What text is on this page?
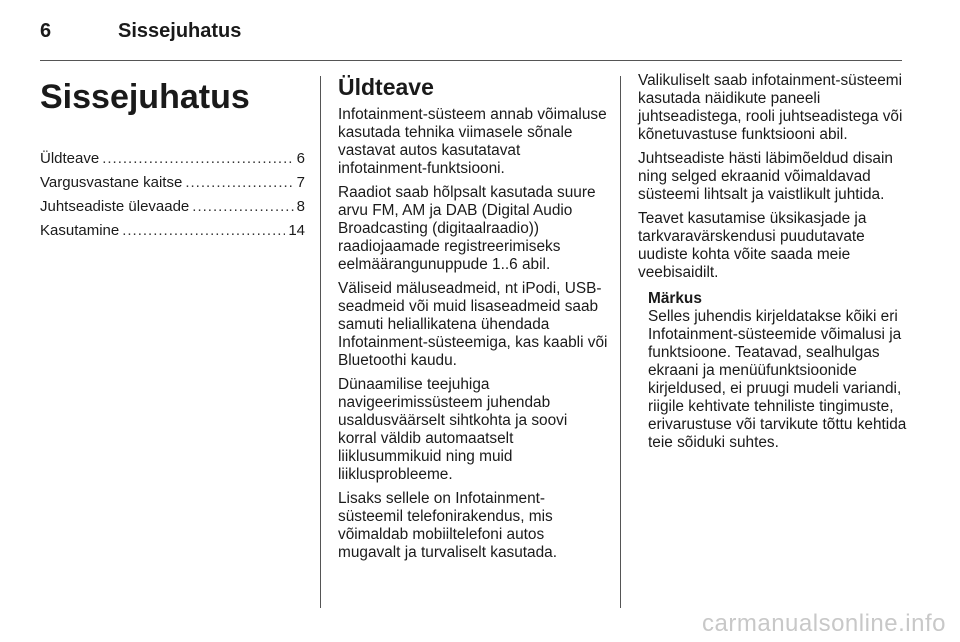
6	Sissejuhatus
Sissejuhatus
Üldteave .....	6
Vargusvastane kaitse .....	7
Juhtseadiste ülevaade .....	8
Kasutamine .....	14
Üldteave

Infotainment-süsteem annab võimaluse kasutada tehnika viimasele sõnale vastavat autos kasutatavat infotainment-funktsiooni.

Raadiot saab hõlpsalt kasutada suure arvu FM, AM ja DAB (Digital Audio Broadcasting (digitaalraadio)) raadiojaamade registreerimiseks eelmäärangunuppude 1..6 abil.

Väliseid mäluseadmeid, nt iPodi, USB-seadmeid või muid lisaseadmeid saab samuti heliallikatena ühendada Infotainment-süsteemiga, kas kaabli või Bluetoothi kaudu.

Dünaamilise teejuhiga navigeerimissüsteem juhendab usaldusväärselt sihtkohta ja soovi korral väldib automaatselt liiklusummikuid ning muid liiklusprobleeme.

Lisaks sellele on Infotainment-süsteemil telefonirakendus, mis võimaldab mobiiltelefoni autos mugavalt ja turvaliselt kasutada.

Valikuliselt saab infotainment-süsteemi kasutada näidikute paneeli juhtseadistega, rooli juhtseadistega või kõnetuvastuse funktsiooni abil.

Juhtseadiste hästi läbimõeldud disain ning selged ekraanid võimaldavad süsteemi lihtsalt ja vaistlikult juhtida.

Teavet kasutamise üksikasjade ja tarkvaravärskendusi puudutavate uudiste kohta võite saada meie veebisaidilt.

Märkus
Selles juhendis kirjeldatakse kõiki eri Infotainment-süsteemide võimalusi ja funktsioone. Teatavad, sealhulgas ekraani ja menüüfunktsioonide kirjeldused, ei pruugi mudeli variandi, riigile kehtivate tehniliste tingimuste, erivarustuse või tarvikute tõttu kehtida teie sõiduki suhtes.
carmanualsonline.info
